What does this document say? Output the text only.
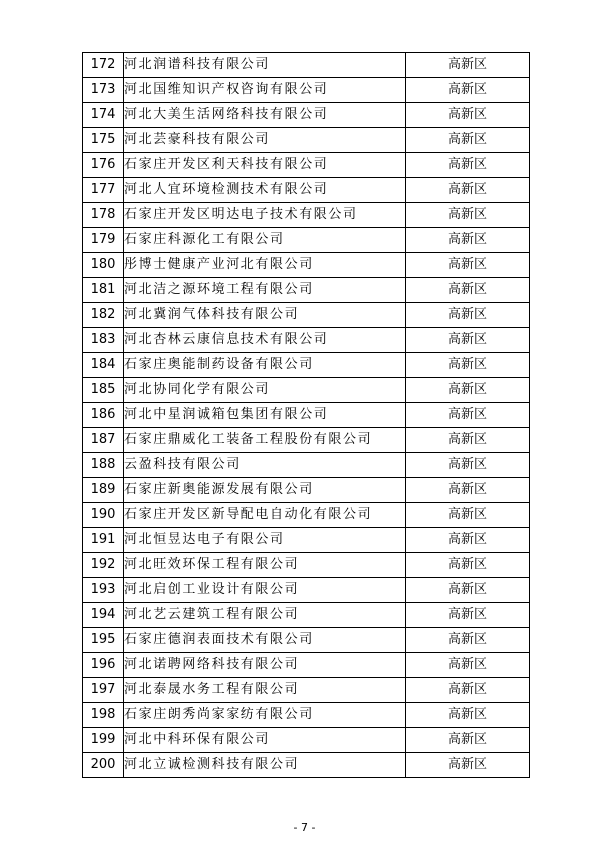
172	河北润谱科技有限公司	高新区
173	河北国维知识产权咨询有限公司	高新区
174	河北大美生活网络科技有限公司	高新区
175	河北芸豪科技有限公司	高新区
176	石家庄开发区利天科技有限公司	高新区
177	河北人宜环境检测技术有限公司	高新区
178	石家庄开发区明达电子技术有限公司	高新区
179	石家庄科源化工有限公司	高新区
180	彤博士健康产业河北有限公司	高新区
181	河北洁之源环境工程有限公司	高新区
182	河北冀润气体科技有限公司	高新区
183	河北杏林云康信息技术有限公司	高新区
184	石家庄奥能制药设备有限公司	高新区
185	河北协同化学有限公司	高新区
186	河北中星润诚箱包集团有限公司	高新区
187	石家庄鼎威化工装备工程股份有限公司	高新区
188	云盈科技有限公司	高新区
189	石家庄新奥能源发展有限公司	高新区
190	石家庄开发区新导配电自动化有限公司	高新区
191	河北恒昱达电子有限公司	高新区
192	河北旺效环保工程有限公司	高新区
193	河北启创工业设计有限公司	高新区
194	河北艺云建筑工程有限公司	高新区
195	石家庄德润表面技术有限公司	高新区
196	河北诺聘网络科技有限公司	高新区
197	河北泰晟水务工程有限公司	高新区
198	石家庄朗秀尚家家纺有限公司	高新区
199	河北中科环保有限公司	高新区
200	河北立诚检测科技有限公司	高新区
- 7 -
